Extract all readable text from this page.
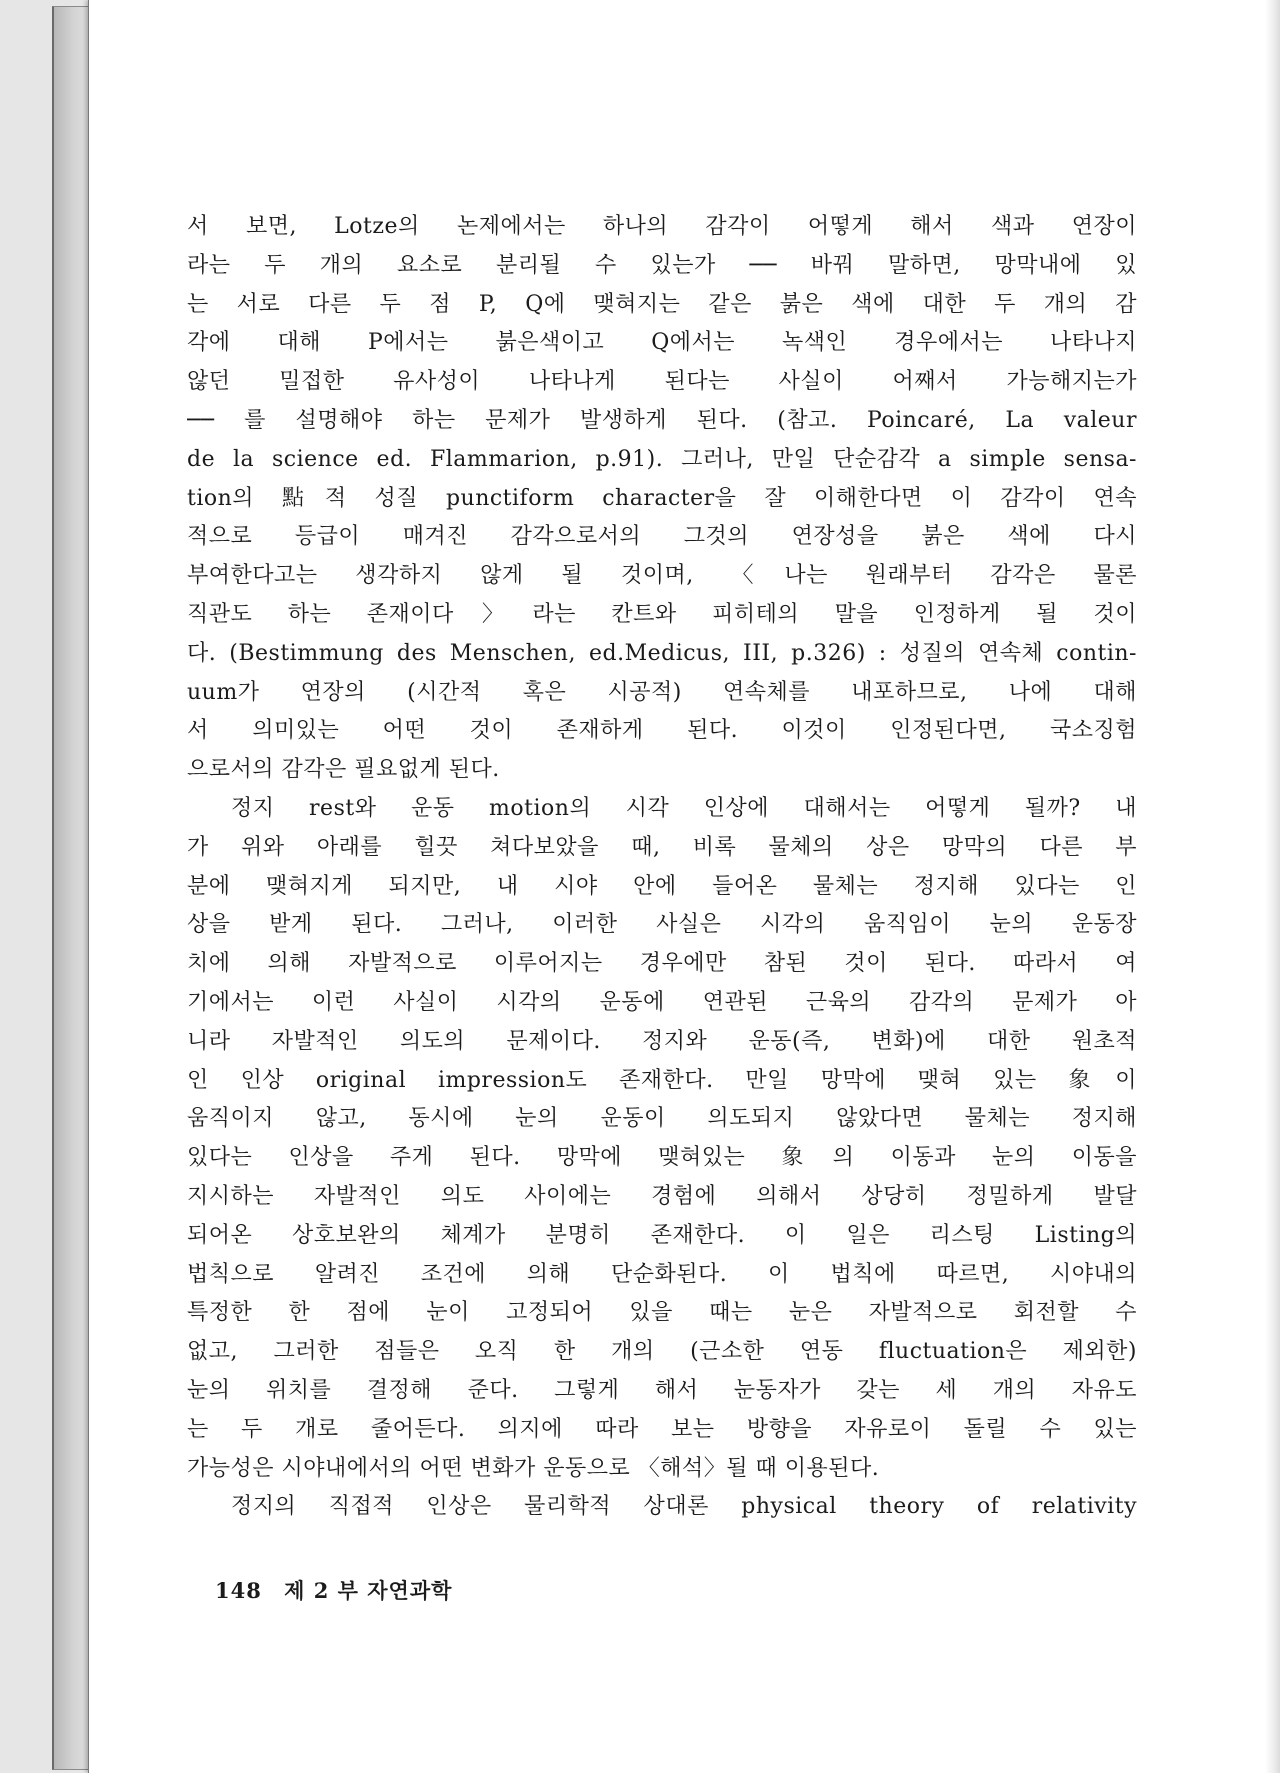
서 보면, Lotze의 논제에서는 하나의 감각이 어떻게 해서 색과 연장이
라는 두 개의 요소로 분리될 수 있는가 ── 바꿔 말하면, 망막내에 있
는 서로 다른 두 점 P, Q에 맺혀지는 같은 붉은 색에 대한 두 개의 감
각에 대해 P에서는 붉은색이고 Q에서는 녹색인 경우에서는 나타나지
않던 밀접한 유사성이 나타나게 된다는 사실이 어째서 가능해지는가
── 를 설명해야 하는 문제가 발생하게 된다. (참고. Poincaré, La valeur
de la science ed. Flammarion, p.91). 그러나, 만일 단순감각 a simple sensa-
tion의 點적 성질 punctiform character을 잘 이해한다면 이 감각이 연속
적으로 등급이 매겨진 감각으로서의 그것의 연장성을 붉은 색에 다시
부여한다고는 생각하지 않게 될 것이며, 〈나는 원래부터 감각은 물론
직관도 하는 존재이다〉라는 칸트와 피히테의 말을 인정하게 될 것이
다. (Bestimmung des Menschen, ed.Medicus, III, p.326) : 성질의 연속체 contin-
uum가 연장의 (시간적 혹은 시공적) 연속체를 내포하므로, 나에 대해
서 의미있는 어떤 것이 존재하게 된다. 이것이 인정된다면, 국소징험
으로서의 감각은 필요없게 된다.
정지 rest와 운동 motion의 시각 인상에 대해서는 어떻게 될까? 내
가 위와 아래를 힐끗 쳐다보았을 때, 비록 물체의 상은 망막의 다른 부
분에 맺혀지게 되지만, 내 시야 안에 들어온 물체는 정지해 있다는 인
상을 받게 된다. 그러나, 이러한 사실은 시각의 움직임이 눈의 운동장
치에 의해 자발적으로 이루어지는 경우에만 참된 것이 된다. 따라서 여
기에서는 이런 사실이 시각의 운동에 연관된 근육의 감각의 문제가 아
니라 자발적인 의도의 문제이다. 정지와 운동(즉, 변화)에 대한 원초적
인 인상 original impression도 존재한다. 만일 망막에 맺혀 있는 象이
움직이지 않고, 동시에 눈의 운동이 의도되지 않았다면 물체는 정지해
있다는 인상을 주게 된다. 망막에 맺혀있는 象의 이동과 눈의 이동을
지시하는 자발적인 의도 사이에는 경험에 의해서 상당히 정밀하게 발달
되어온 상호보완의 체계가 분명히 존재한다. 이 일은 리스팅 Listing의
법칙으로 알려진 조건에 의해 단순화된다. 이 법칙에 따르면, 시야내의
특정한 한 점에 눈이 고정되어 있을 때는 눈은 자발적으로 회전할 수
없고, 그러한 점들은 오직 한 개의 (근소한 연동 fluctuation은 제외한)
눈의 위치를 결정해 준다. 그렇게 해서 눈동자가 갖는 세 개의 자유도
는 두 개로 줄어든다. 의지에 따라 보는 방향을 자유로이 돌릴 수 있는
가능성은 시야내에서의 어떤 변화가 운동으로 〈해석〉될 때 이용된다.
정지의 직접적 인상은 물리학적 상대론 physical theory of relativity
148 제 2 부 자연과학
